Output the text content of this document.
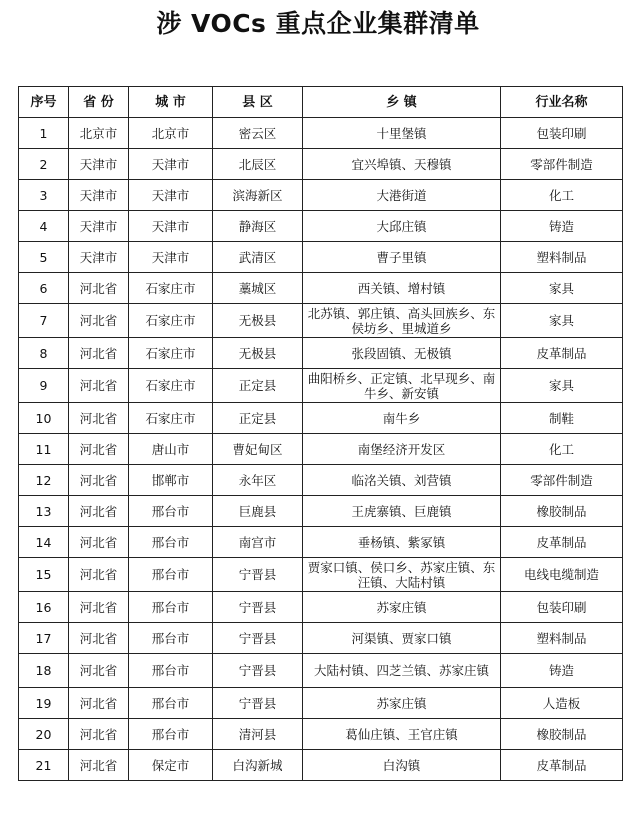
涉 VOCs 重点企业集群清单
序号	省 份	城 市	县 区	乡 镇	行业名称
1	北京市	北京市	密云区	十里堡镇	包装印刷
2	天津市	天津市	北辰区	宜兴埠镇、天穆镇	零部件制造
3	天津市	天津市	滨海新区	大港街道	化工
4	天津市	天津市	静海区	大邱庄镇	铸造
5	天津市	天津市	武清区	曹子里镇	塑料制品
6	河北省	石家庄市	藁城区	西关镇、增村镇	家具
7	河北省	石家庄市	无极县	北苏镇、郭庄镇、高头回族乡、东侯坊乡、里城道乡	家具
8	河北省	石家庄市	无极县	张段固镇、无极镇	皮革制品
9	河北省	石家庄市	正定县	曲阳桥乡、正定镇、北早现乡、南牛乡、新安镇	家具
10	河北省	石家庄市	正定县	南牛乡	制鞋
11	河北省	唐山市	曹妃甸区	南堡经济开发区	化工
12	河北省	邯郸市	永年区	临洺关镇、刘营镇	零部件制造
13	河北省	邢台市	巨鹿县	王虎寨镇、巨鹿镇	橡胶制品
14	河北省	邢台市	南宫市	垂杨镇、紫冢镇	皮革制品
15	河北省	邢台市	宁晋县	贾家口镇、侯口乡、苏家庄镇、东汪镇、大陆村镇	电线电缆制造
16	河北省	邢台市	宁晋县	苏家庄镇	包装印刷
17	河北省	邢台市	宁晋县	河渠镇、贾家口镇	塑料制品
18	河北省	邢台市	宁晋县	大陆村镇、四芝兰镇、苏家庄镇	铸造
19	河北省	邢台市	宁晋县	苏家庄镇	人造板
20	河北省	邢台市	清河县	葛仙庄镇、王官庄镇	橡胶制品
21	河北省	保定市	白沟新城	白沟镇	皮革制品
